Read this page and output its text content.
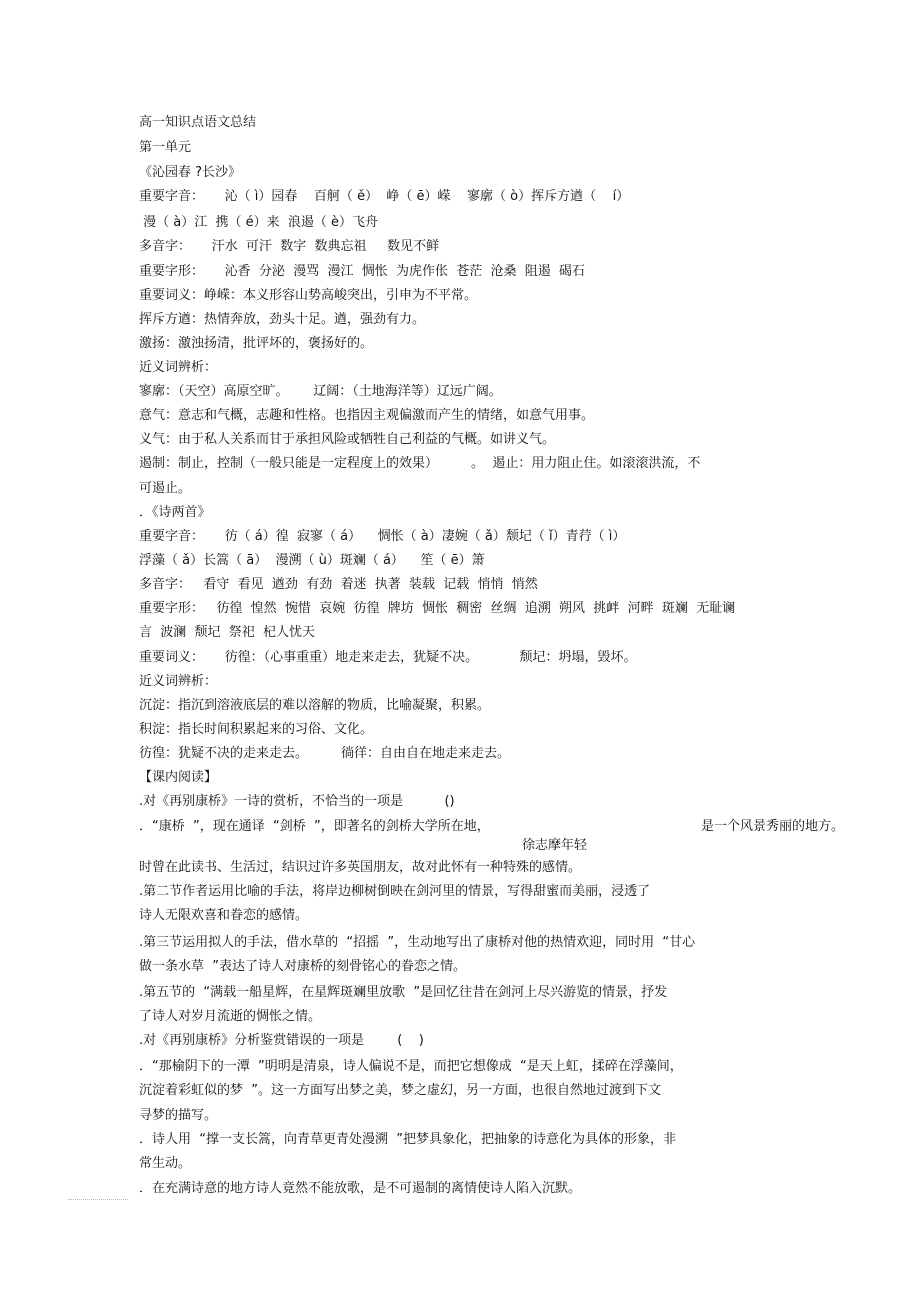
高一知识点语文总结
第一单元
《沁园春 ?长沙》
重要字音：     沁（ ì）园春    百舸（ ě）  峥（ ē）嵘    寥廓（ ò）挥斥方遒（    í）
漫（ à）江  携（ é）来  浪遏（ è）飞舟
多音字：     汗水  可汗  数字  数典忘祖     数见不鲜
重要字形：     沁香  分泌  漫骂  漫江  惆怅  为虎作伥  苍茫  沧桑  阻遏  碣石
重要词义：峥嵘：本义形容山势高峻突出，引申为不平常。
挥斥方遒：热情奔放，劲头十足。遒，强劲有力。
激扬：激浊扬清，批评坏的，褒扬好的。
近义词辨析：
寥廓：（天空）高原空旷。      辽阔：（土地海洋等）辽远广阔。
意气：意志和气概，志趣和性格。也指因主观偏激而产生的情绪，如意气用事。
义气：由于私人关系而甘于承担风险或牺牲自己利益的气概。如讲义气。
遏制：制止，控制（一般只能是一定程度上的效果）        。  遏止：用力阻止住。如滚滚洪流，不
可遏止。
．《诗两首》
重要字音：     彷（ á）徨  寂寥（ á）    惆怅（ à）凄婉（ ǎ）颓圮（ ǐ）青荇（ ì）
浮藻（ ǎ）长篙（ ā）  漫溯（ ù）斑斓（ á）    笙（ ē）箫
多音字：   看守  看见  遒劲  有劲  着迷  执著  装载  记载  悄悄  悄然
重要字形：   彷徨  惶然  惋惜  哀婉  彷徨  牌坊  惆怅  稠密  丝绸  追溯  朔风  挑衅  河畔  斑斓  无耻谰
言  波澜  颓圮  祭祀  杞人忧天
重要词义：     彷徨：（心事重重）地走来走去，犹疑不决。          颓圮：坍塌，毁坏。
近义词辨析：
沉淀：指沉到溶液底层的难以溶解的物质，比喻凝聚，积累。
积淀：指长时间积累起来的习俗、文化。
彷徨：犹疑不决的走来走去。        徜徉：自由自在地走来走去。
【课内阅读】
.对《再别康桥》一诗的赏析，不恰当的一项是          ()
．“康桥  ”，现在通译  “剑桥  ”，即著名的剑桥大学所在地，	是一个风景秀丽的地方。
徐志摩年轻
时曾在此读书、生活过，结识过许多英国朋友，故对此怀有一种特殊的感情。
.第二节作者运用比喻的手法，将岸边柳树倒映在剑河里的情景，写得甜蜜而美丽，浸透了
诗人无限欢喜和眷恋的感情。
.第三节运用拟人的手法，借水草的  “招摇  ”，生动地写出了康桥对他的热情欢迎，同时用  “甘心
做一条水草  ”表达了诗人对康桥的刻骨铭心的眷恋之情。
.第五节的  “满载一船星辉，在星辉斑斓里放歌  ”是回忆往昔在剑河上尽兴游览的情景，抒发
了诗人对岁月流逝的惆怅之情。
.对《再别康桥》分析鉴赏错误的一项是        (    )
．“那榆阴下的一潭  ”明明是清泉，诗人偏说不是，而把它想像成  “是天上虹，揉碎在浮藻间，
沉淀着彩虹似的梦  ”。这一方面写出梦之美，梦之虚幻，另一方面，也很自然地过渡到下文
寻梦的描写。
．诗人用  “撑一支长篙，向青草更青处漫溯  ”把梦具象化，把抽象的诗意化为具体的形象，非
常生动。
．在充满诗意的地方诗人竟然不能放歌，是不可遏制的离情使诗人陷入沉默。
